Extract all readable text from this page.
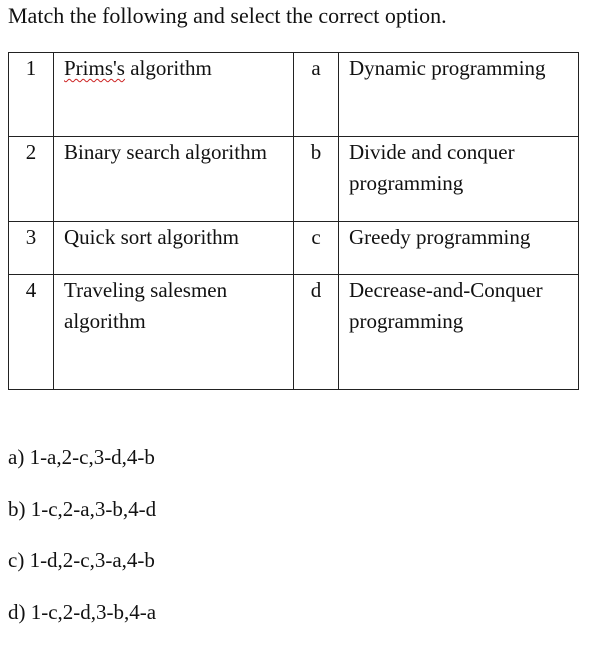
Match the following and select the correct option.
1	Prims's algorithm	a	Dynamic programming
2	Binary search algorithm	b	Divide and conquer programming
3	Quick sort algorithm	c	Greedy programming
4	Traveling salesmen algorithm	d	Decrease-and-Conquer programming
a) 1-a,2-c,3-d,4-b
b) 1-c,2-a,3-b,4-d
c) 1-d,2-c,3-a,4-b
d) 1-c,2-d,3-b,4-a
